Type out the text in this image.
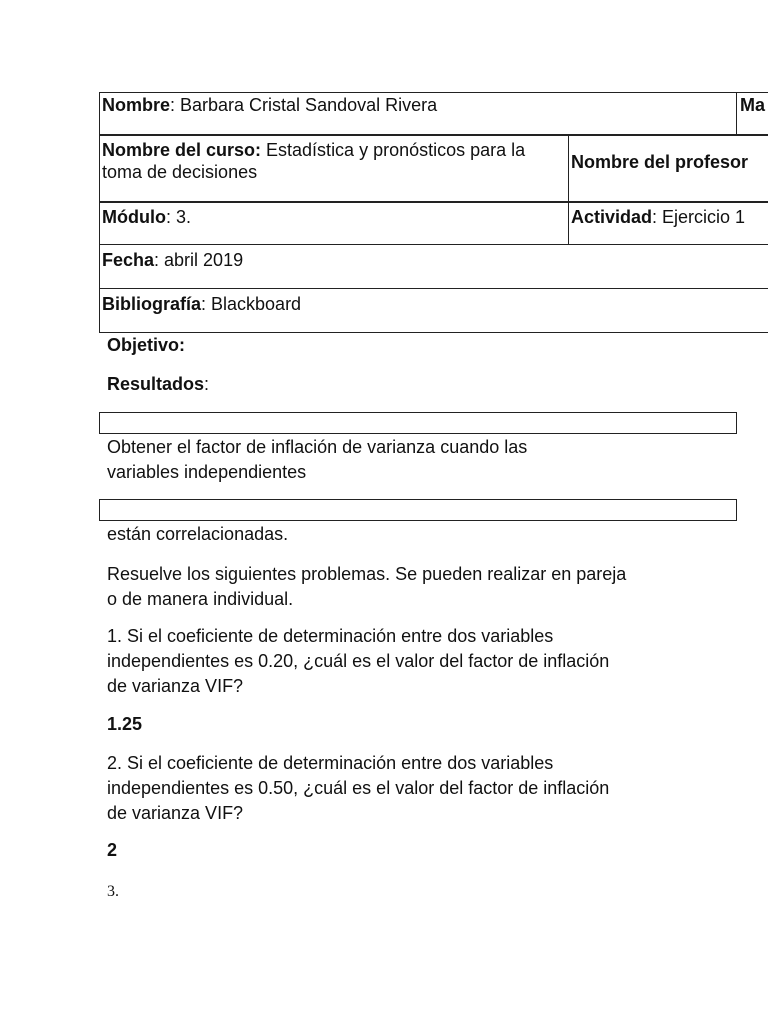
Nombre: Barbara Cristal Sandoval Rivera	Ma
Nombre del curso: Estadística y pronósticos para la toma de decisiones	Nombre del profesor
Módulo: 3.	Actividad: Ejercicio 1
Fecha: abril 2019
Bibliografía: Blackboard
Objetivo:
Resultados:
Obtener el factor de inflación de varianza cuando las variables independientes
están correlacionadas.
Resuelve los siguientes problemas. Se pueden realizar en pareja o de manera individual.
1. Si el coeficiente de determinación entre dos variables independientes es 0.20, ¿cuál es el valor del factor de inflación de varianza VIF?
1.25
2. Si el coeficiente de determinación entre dos variables independientes es 0.50, ¿cuál es el valor del factor de inflación de varianza VIF?
2
3.
